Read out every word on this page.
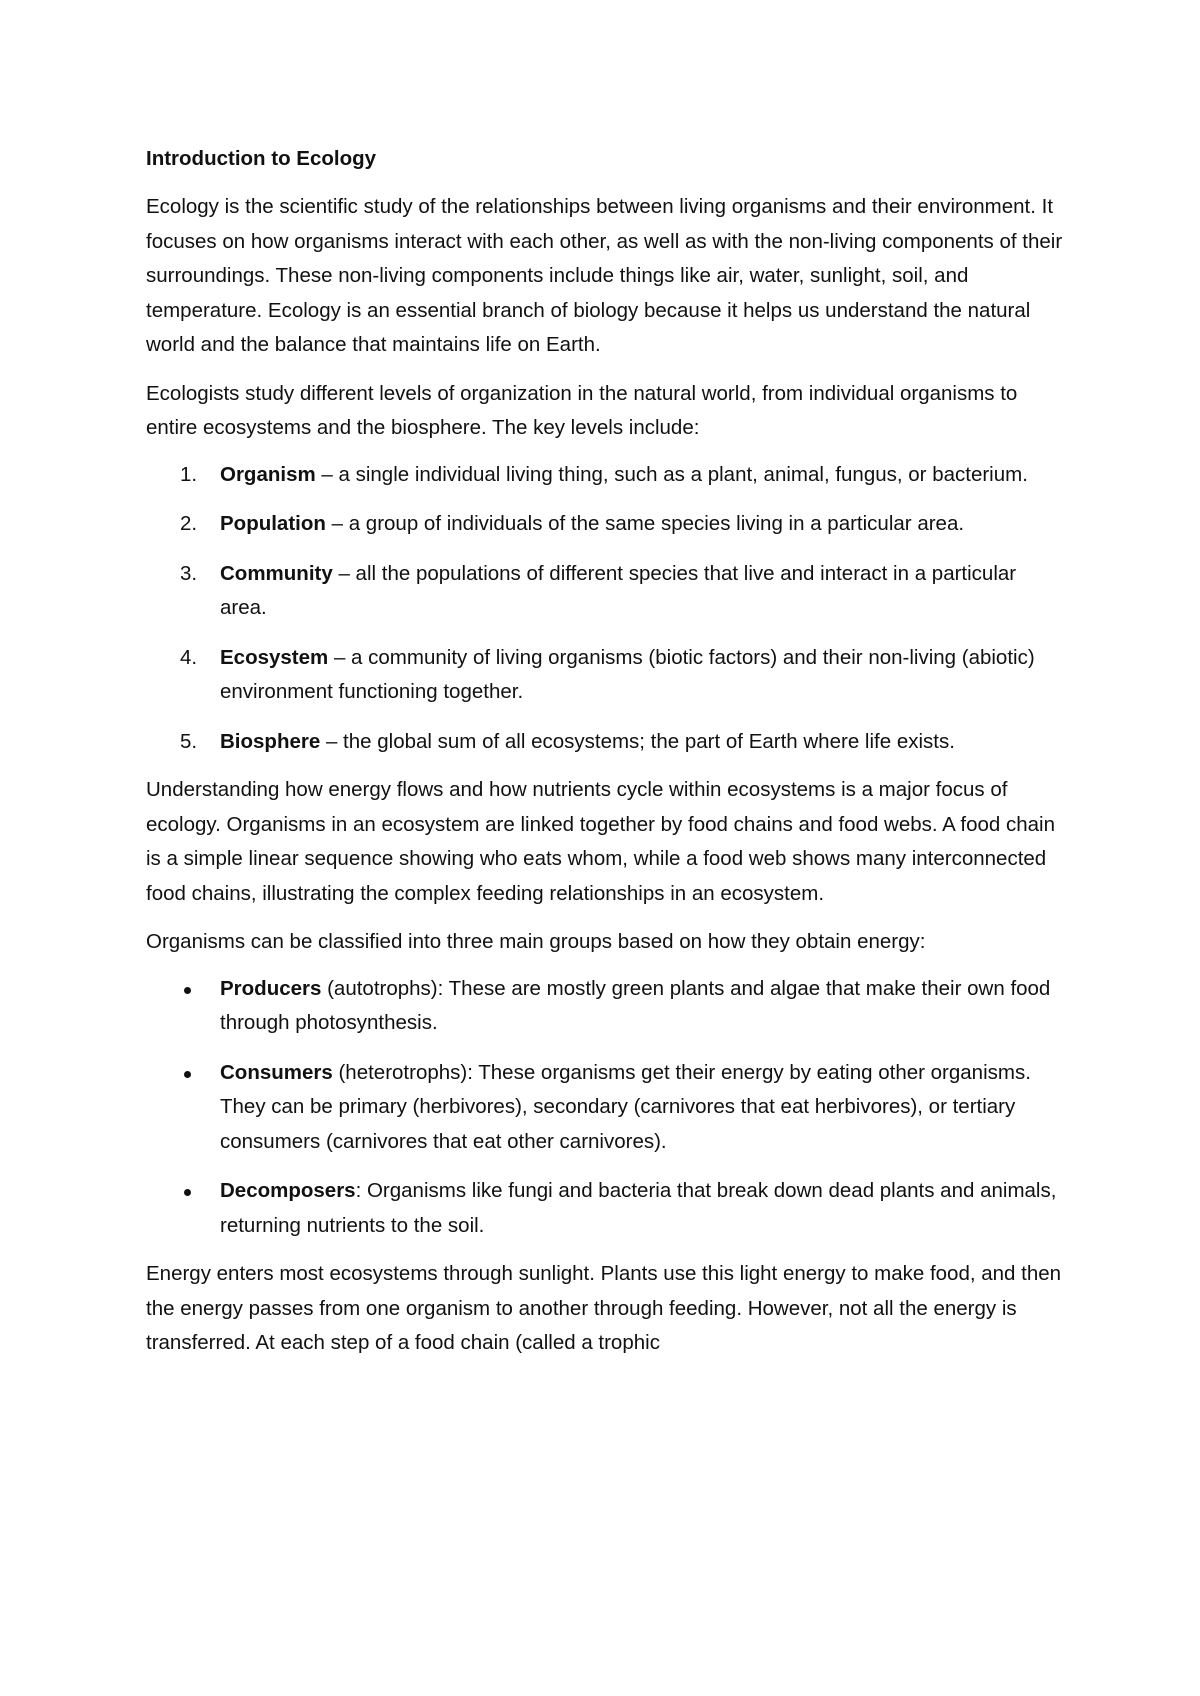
Introduction to Ecology

Ecology is the scientific study of the relationships between living organisms and their environment. It focuses on how organisms interact with each other, as well as with the non-living components of their surroundings. These non-living components include things like air, water, sunlight, soil, and temperature. Ecology is an essential branch of biology because it helps us understand the natural world and the balance that maintains life on Earth.

Ecologists study different levels of organization in the natural world, from individual organisms to entire ecosystems and the biosphere. The key levels include:

1.	Organism – a single individual living thing, such as a plant, animal, fungus, or bacterium.
2.	Population – a group of individuals of the same species living in a particular area.
3.	Community – all the populations of different species that live and interact in a particular area.
4.	Ecosystem – a community of living organisms (biotic factors) and their non-living (abiotic) environment functioning together.
5.	Biosphere – the global sum of all ecosystems; the part of Earth where life exists.

Understanding how energy flows and how nutrients cycle within ecosystems is a major focus of ecology. Organisms in an ecosystem are linked together by food chains and food webs. A food chain is a simple linear sequence showing who eats whom, while a food web shows many interconnected food chains, illustrating the complex feeding relationships in an ecosystem.

Organisms can be classified into three main groups based on how they obtain energy:

Producers (autotrophs): These are mostly green plants and algae that make their own food through photosynthesis.
Consumers (heterotrophs): These organisms get their energy by eating other organisms. They can be primary (herbivores), secondary (carnivores that eat herbivores), or tertiary consumers (carnivores that eat other carnivores).
Decomposers: Organisms like fungi and bacteria that break down dead plants and animals, returning nutrients to the soil.

Energy enters most ecosystems through sunlight. Plants use this light energy to make food, and then the energy passes from one organism to another through feeding. However, not all the energy is transferred. At each step of a food chain (called a trophic
